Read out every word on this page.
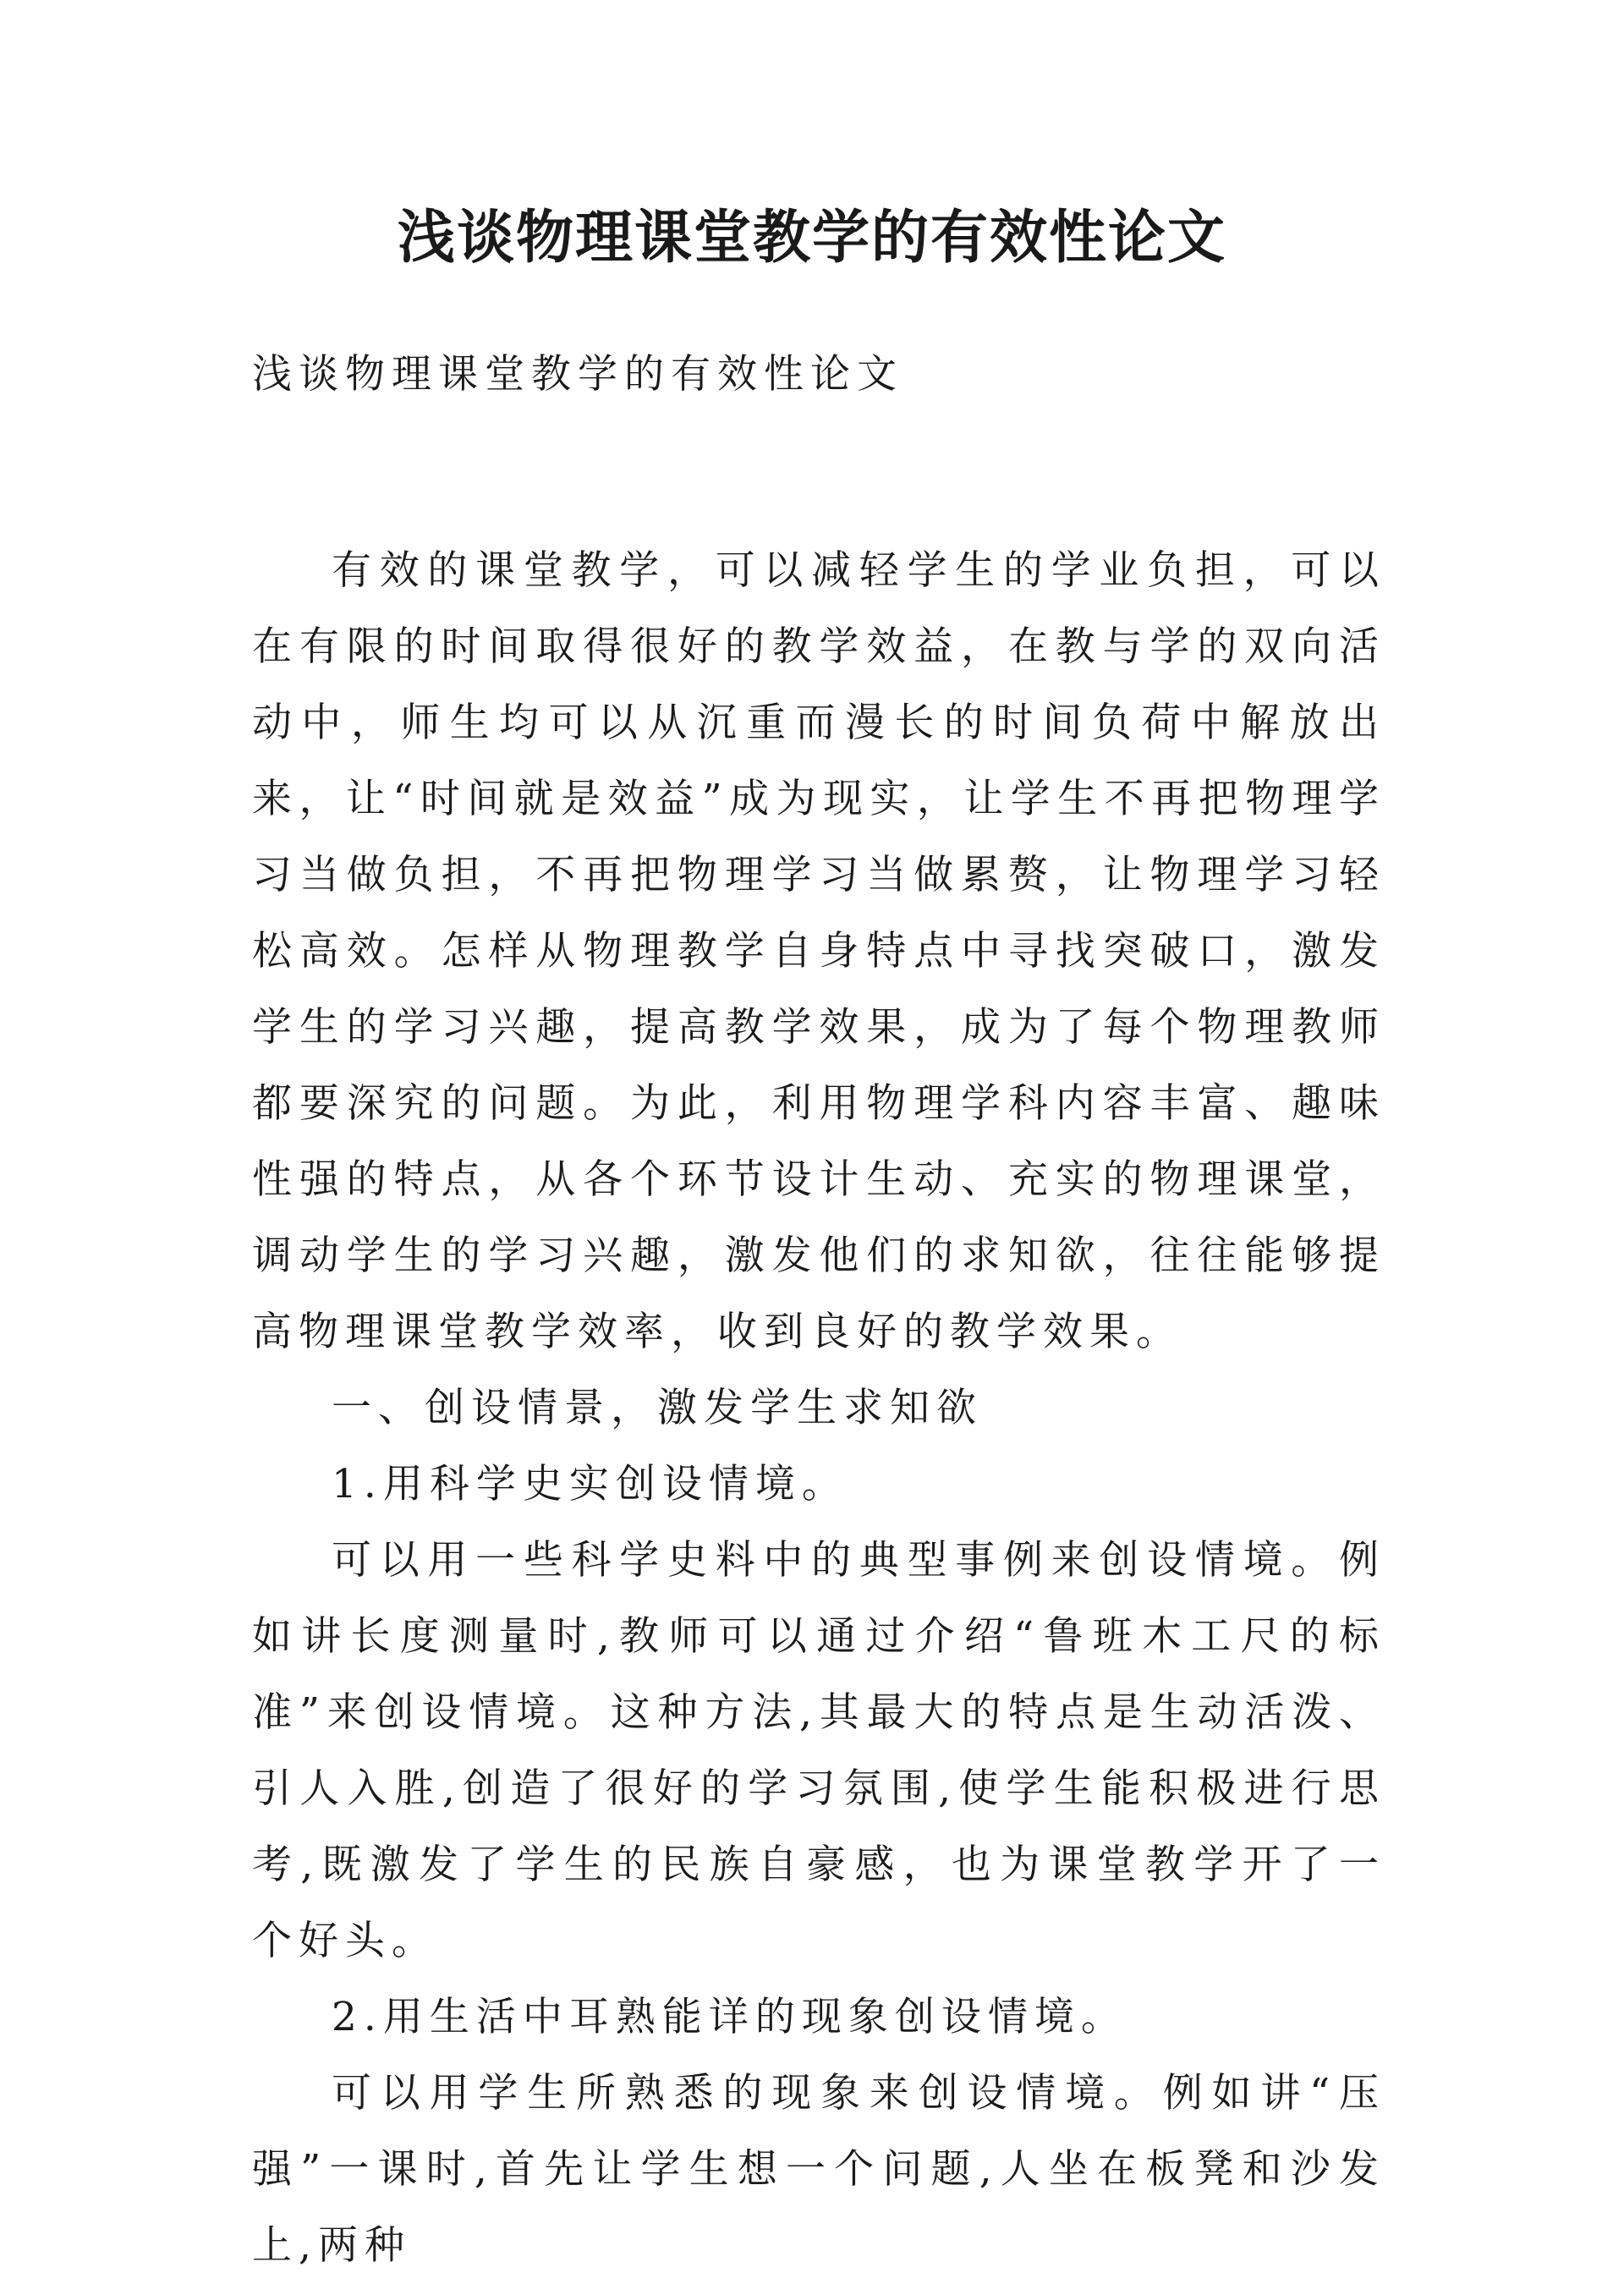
浅谈物理课堂教学的有效性论文
浅谈物理课堂教学的有效性论文

有效的课堂教学，可以减轻学生的学业负担，可以在有限的时间取得很好的教学效益，在教与学的双向活动中，师生均可以从沉重而漫长的时间负荷中解放出来，让“时间就是效益”成为现实，让学生不再把物理学习当做负担，不再把物理学习当做累赘，让物理学习轻松高效。怎样从物理教学自身特点中寻找突破口，激发学生的学习兴趣，提高教学效果，成为了每个物理教师都要深究的问题。为此，利用物理学科内容丰富、趣味性强的特点，从各个环节设计生动、充实的物理课堂，调动学生的学习兴趣，激发他们的求知欲，往往能够提高物理课堂教学效率，收到良好的教学效果。

一、创设情景，激发学生求知欲

1.用科学史实创设情境。

可以用一些科学史料中的典型事例来创设情境。例如讲长度测量时,教师可以通过介绍“鲁班木工尺的标准”来创设情境。这种方法,其最大的特点是生动活泼、引人入胜,创造了很好的学习氛围,使学生能积极进行思考,既激发了学生的民族自豪感，也为课堂教学开了一个好头。

2.用生活中耳熟能详的现象创设情境。

可以用学生所熟悉的现象来创设情境。例如讲“压强”一课时,首先让学生想一个问题,人坐在板凳和沙发上,两种
